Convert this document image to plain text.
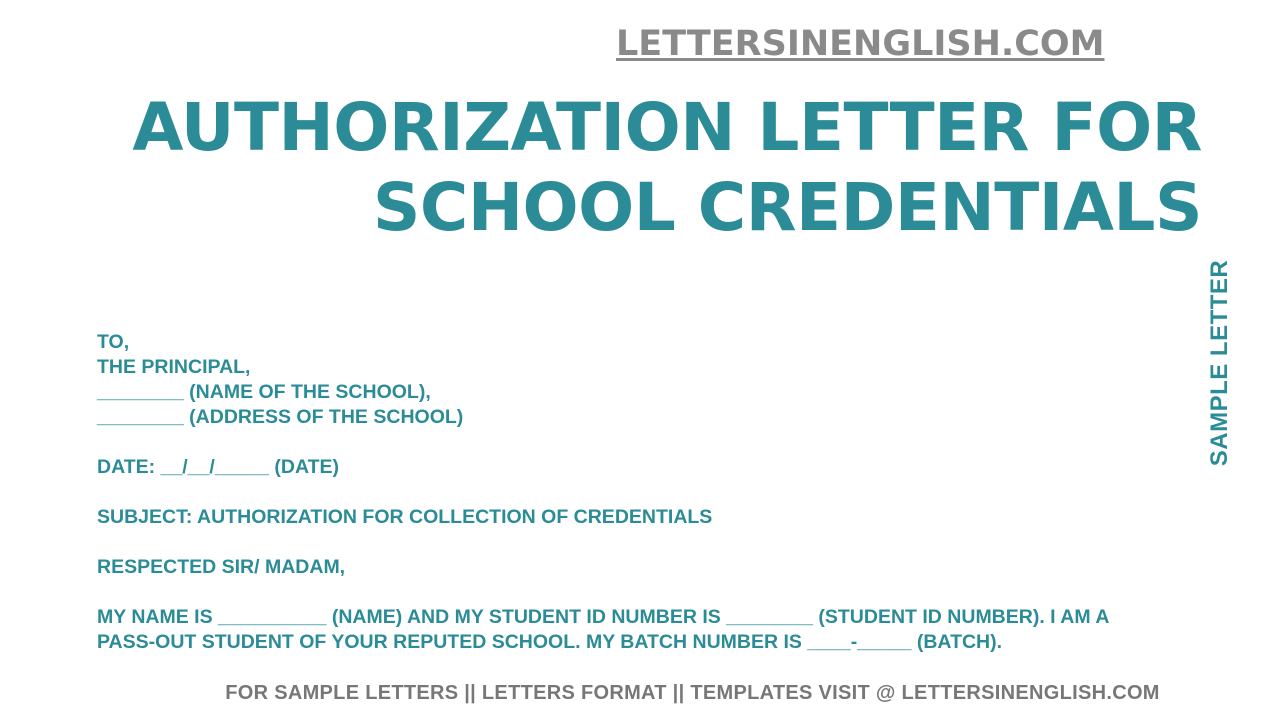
LETTERSINENGLISH.COM
AUTHORIZATION LETTER FOR
SCHOOL CREDENTIALS
SAMPLE LETTER
TO,
THE PRINCIPAL,
________ (NAME OF THE SCHOOL),
________ (ADDRESS OF THE SCHOOL)
DATE: __/__/_____ (DATE)
SUBJECT: AUTHORIZATION FOR COLLECTION OF CREDENTIALS
RESPECTED SIR/ MADAM,
MY NAME IS __________ (NAME) AND MY STUDENT ID NUMBER IS ________ (STUDENT ID NUMBER). I AM A
PASS-OUT STUDENT OF YOUR REPUTED SCHOOL. MY BATCH NUMBER IS ____-_____ (BATCH).
FOR SAMPLE LETTERS || LETTERS FORMAT || TEMPLATES VISIT @ LETTERSINENGLISH.COM
